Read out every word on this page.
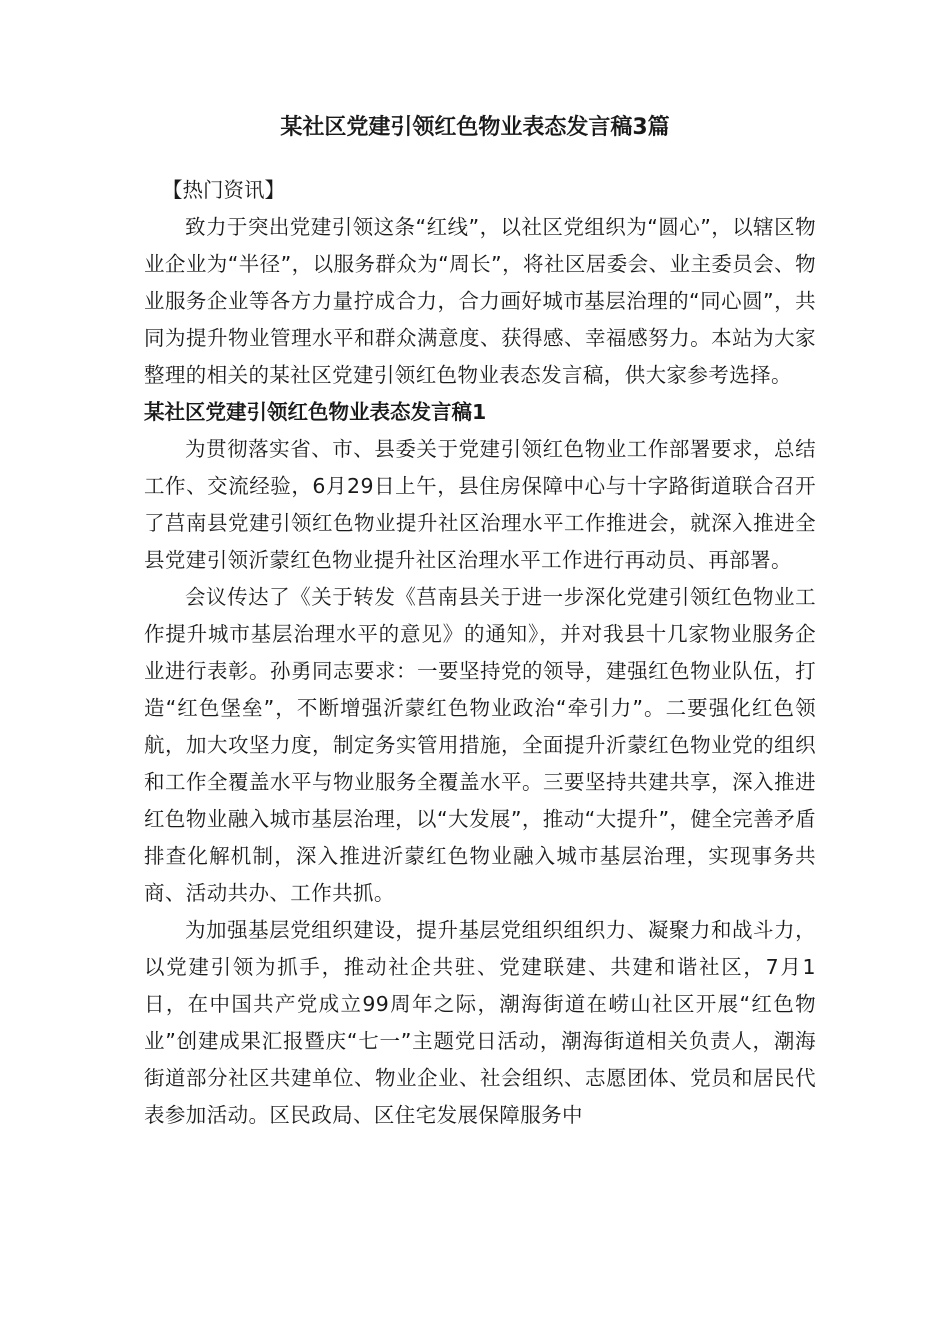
某社区党建引领红色物业表态发言稿3篇

【热门资讯】

致力于突出党建引领这条“红线”，以社区党组织为“圆心”，以辖区物业企业为“半径”，以服务群众为“周长”，将社区居委会、业主委员会、物业服务企业等各方力量拧成合力，合力画好城市基层治理的“同心圆”，共同为提升物业管理水平和群众满意度、获得感、幸福感努力。本站为大家整理的相关的某社区党建引领红色物业表态发言稿，供大家参考选择。

某社区党建引领红色物业表态发言稿1

为贯彻落实省、市、县委关于党建引领红色物业工作部署要求，总结工作、交流经验，6月29日上午，县住房保障中心与十字路街道联合召开了莒南县党建引领红色物业提升社区治理水平工作推进会，就深入推进全县党建引领沂蒙红色物业提升社区治理水平工作进行再动员、再部署。

会议传达了《关于转发《莒南县关于进一步深化党建引领红色物业工作提升城市基层治理水平的意见》的通知》，并对我县十几家物业服务企业进行表彰。孙勇同志要求：一要坚持党的领导，建强红色物业队伍，打造“红色堡垒”，不断增强沂蒙红色物业政治“牵引力”。二要强化红色领航，加大攻坚力度，制定务实管用措施，全面提升沂蒙红色物业党的组织和工作全覆盖水平与物业服务全覆盖水平。三要坚持共建共享，深入推进红色物业融入城市基层治理，以“大发展”，推动“大提升”，健全完善矛盾排查化解机制，深入推进沂蒙红色物业融入城市基层治理，实现事务共商、活动共办、工作共抓。

为加强基层党组织建设，提升基层党组织组织力、凝聚力和战斗力，以党建引领为抓手，推动社企共驻、党建联建、共建和谐社区，7月1日，在中国共产党成立99周年之际，潮海街道在崂山社区开展“红色物业”创建成果汇报暨庆“七一”主题党日活动，潮海街道相关负责人，潮海街道部分社区共建单位、物业企业、社会组织、志愿团体、党员和居民代表参加活动。区民政局、区住宅发展保障服务中
